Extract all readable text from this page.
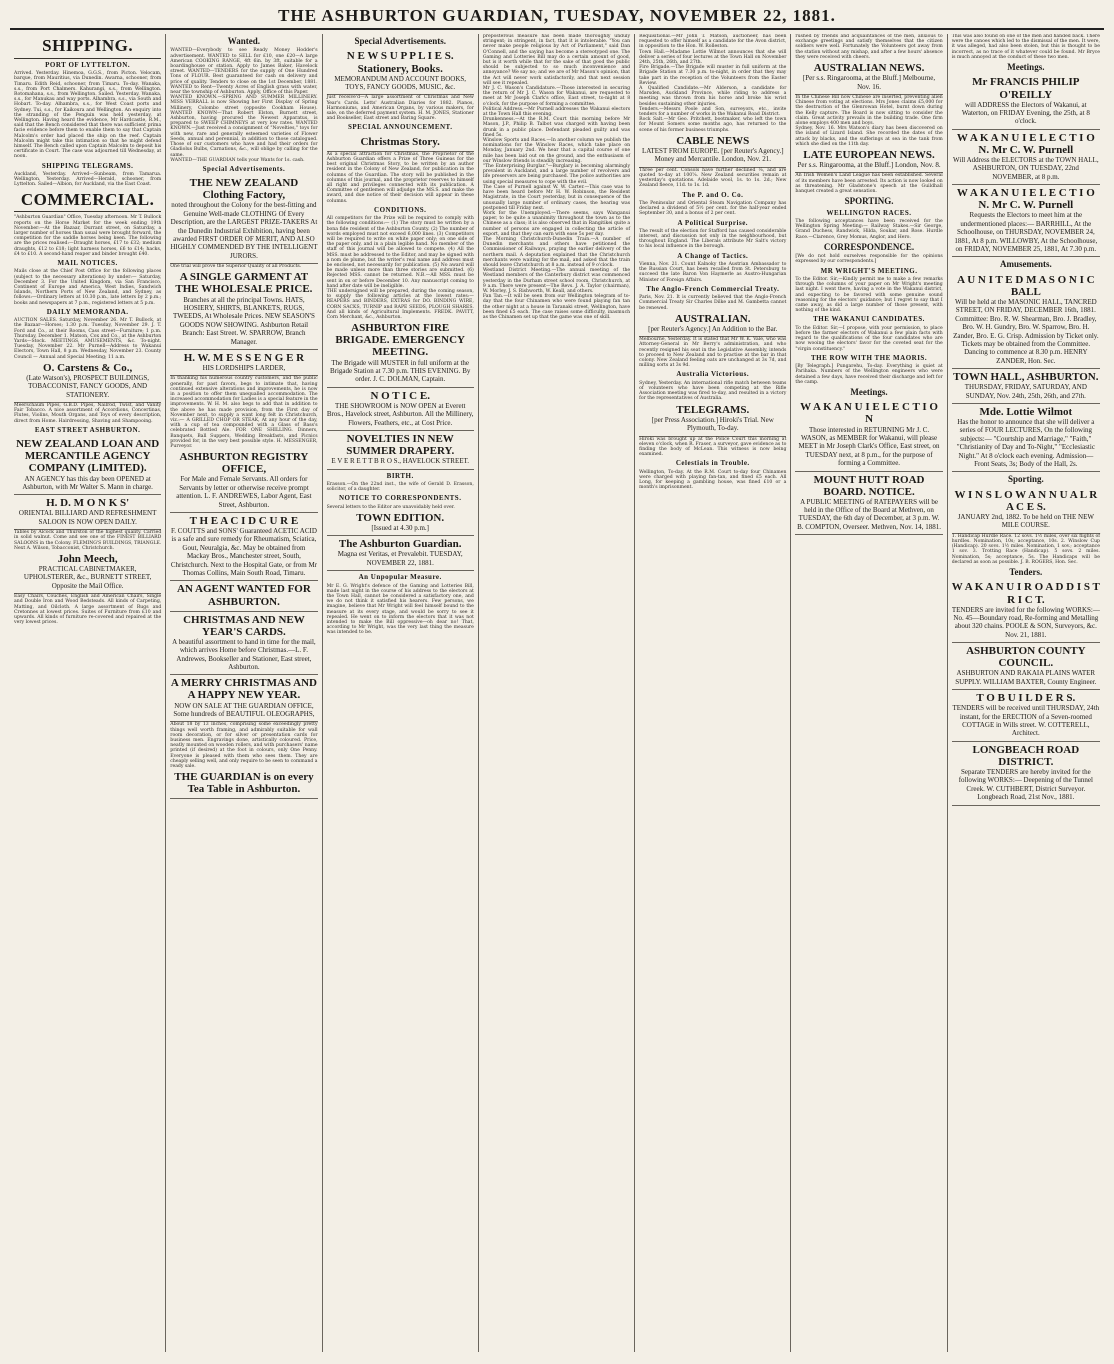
THE ASHBURTON GUARDIAN, TUESDAY, NOVEMBER 22, 1881.
SHIPPING.
PORT OF LYTTELTON.
Arrived. Yesterday. Hinemoa, G.G.S., from Picton. Velocam, barque, from Mauritius, via Dunedin. Awarna, schooner, from Timaru. Edith Reid, schooner, from Timaru. To-day. Wanaka, s.s., from Port Chalmers. Kahurangi, s.s., from Wellington. Rotomahana, s.s., from Wellington. Sailed. Yesterday. Wanaka, s.s., for Manukau and way ports. Alhambra, s.s., via South and Hobart. To-day. Alhambra, s.s., for West Coast ports and Sydney. Tui, s.s., for Kaikoura and Wellington. An enquiry into the stranding of the Penguin was held yesterday, at Wellington. Having heard the evidence, Mr Hardcastle, R.M., said that the Bench considered that there was sufficient prima facie evidence before them to enable them to say that Captain Malcolm's order had placed the ship on the reef. Captain Malcolm might take this intimation so that he might defend himself. The Bench called upon Captain Malcolm to deposit his certificate in Court. The case was adjourned till Wednesday, at noon.
SHIPPING TELEGRAMS.
Auckland, Yesterday. Arrived—Sunbeam, from Tamarua. Wellington, Yesterday. Arrived—Herald, schooner, from Lyttelton. Sailed—Albion, for Auckland, via the East Coast.
COMMERCIAL.
"Ashburton Guardian" Office, Tuesday afternoon. Mr T. Bullock reports on the Horse Market for the week ending 19th November:—At the Bazaar, Durrant street, on Saturday, a larger number of horses than usual were brought forward, the competition for the saddle horses being keen. The following are the prices realised:—Draught horses, £17 to £32; medium draughts, £12 to £18; light harness horses, £6 to £14; hacks, £4 to £10. A second-hand reaper and binder brought £40.
MAIL NOTICES.
Mails close at the Chief Post Office for the following places (subject to the necessary alterations) by under:— Saturday, December 3. For the United Kingdom, via San Francisco, Continent of Europe and America, West Indies, Sandwich Islands, Northern Ports of New Zealand, and Sydney, as follows:—Ordinary letters at 10.30 p.m., late letters by 2 p.m.; books and newspapers at 7 p.m., registered letters at 5 p.m.
DAILY MEMORANDA.
AUCTION SALES. Saturday, November 26. Mr T. Bullock, at the Bazaar—Horses; 1.30 p.m. Tuesday, November 29. J. T. Ford and Co., at their Rooms, Cass street—Furniture; 1 p.m. Thursday, December 1. Matson, Cox and Co., at the Ashburton Yards—Stock. MEETINGS, AMUSEMENTS, &c. To-night. Tuesday, November 22. Mr Purnell—Address to Wakanui Electors, Town Hall, 8 p.m. Wednesday, November 23. County Council — Annual and Special Meeting; 11 a.m.
O. Carstens & Co.,
(Late Watson's), PROSPECT BUILDINGS, TOBACCONIST, FANCY GOODS, AND STATIONERY.
Meerschaum Pipes, G.B.D. Pipes, Nailrod, Twist, and Vanity Fair Tobacco. A nice assortment of Accordions, Concertinas, Flutes, Violins, Mouth Organs, and Toys of every description, direct from Home. Hairdressing, Shaving and Shampooing.
EAST STREET ASHBURTON.
NEW ZEALAND LOAN AND MERCANTILE AGENCY COMPANY (LIMITED).
AN AGENCY has this day been OPENED at Ashburton, with Mr Walter S. Mann in charge.
H. D. M O N K S'
ORIENTAL BILLIARD AND REFRESHMENT SALOON IS NOW OPEN DAILY.
Tables by Alcock and Thurston of the highest quality. Carried in solid walnut. Come and see one of the FINEST BILLIARD SALOONS in the Colony. FLEMING'S BUILDINGS, TRIANGLE. Next A. Wilson, Tobacconist, Christchurch.
John Meech,
PRACTICAL CABINETMAKER, UPHOLSTERER, &c., BURNETT STREET, Opposite the Mail Office.
Easy Chairs, Couches, English and American Chairs, Single and Double Iron and Wood Bedsteads. All kinds of Carpeting, Matting, and Oilcloth. A large assortment of Rugs and Cretonnes at lowest prices. Suites of Furniture from £10 and upwards. All kinds of furniture re-covered and repaired at the very lowest prices.
Wanted.
WANTED—Everybody to see Ready Money Hodder's advertisement. WANTED to SELL for £10, one £20—A large American COOKING RANGE, 4ft 6in. by 3ft, suitable for a boardinghouse or station. Apply to James Baker, Havelock street. WANTED—TENDERS for the supply of One Hundred Tons of FLOUR. Best guaranteed for cash on delivery and price of quality. Tenders to close on the 1st December, 1881. WANTED to Rent—Twenty Acres of English grass with water, near the township of Ashburton. Apply, Office of this Paper.
WANTED KNOWN.—SPRING AND SUMMER MILLINERY. MISS VERRALL is now Showing her First Display of Spring Millinery, Colombo street (opposite Cookham House). WANTED KNOWN—That Robert Elston, Burnett street, Ashburton, having procured the Newest Apparatus, is prepared to SWEEP CHIMNEYS at very low rates. WANTED KNOWN.—Just received a consignment of "Novelties," toys for with new, rare and generally esteemed varieties of Flower Seeds, annual and perennial, in addition to those catalogued. Those of our customers who have and had their orders for Gladiolus Bulbs, Carnations, &c., will oblige by calling for the same.
WANTED—THE GUARDIAN tells your Wants for 1s. cash.
Special Advertisements.
THE NEW ZEALAND Clothing Factory,
noted throughout the Colony for the best-fitting and Genuine Well-made CLOTHING Of Every Description, are the LARGEST PRIZE-TAKERS At the Dunedin Industrial Exhibition, having been awarded FIRST ORDER OF MERIT, AND ALSO HIGHLY COMMENDED BY THE INTELLIGENT JURORS.
One trial will prove the Superior Quality of all Products.
A SINGLE GARMENT AT THE WHOLESALE PRICE.
Branches at all the principal Towns. HATS, HOSIERY, SHIRTS, BLANKETS, RUGS, TWEEDS, At Wholesale Prices. NEW SEASON'S GOODS NOW SHOWING. Ashburton Retail Branch: East Street. W. SPARROW, Branch Manager.
H. W. M E S S E N G E R
HIS LORDSHIPS LARDER,
In thanking his numerous country customers, and the public generally, for past favors, begs to intimate that, having continued extensive alterations and improvements, he is now in a position to offer them unequalled accommodation. The increased accommodation for Ladies is a special feature in the improvements. W. H. M. also begs to add that in addition to the above he has made provision, from the First day of November next, to supply a want long felt in Christchurch, viz.:— A GRILLED CHOP OR STEAK, At any hour of the day, with a cup of tea compounded with a Glass of Bass's celebrated Bottled Ale. FOR ONE SHILLING. Dinners, Banquets, Ball Suppers, Wedding Breakfasts, and Picnics provided for, in the very best possible style. H. MESSENGER, Purveyor.
ASHBURTON REGISTRY OFFICE,
For Male and Female Servants. All orders for Servants by letter or otherwise receive prompt attention. L. F. ANDREWES, Labor Agent, East Street, Ashburton.
T H E A C I D C U R E
F. COUTTS and SONS' Guaranteed ACETIC ACID is a safe and sure remedy for Rheumatism, Sciatica, Gout, Neuralgia, &c. May be obtained from Mackay Bros., Manchester street, South, Christchurch. Next to the Hospital Gate, or from Mr Thomas Collins, Main South Road, Timaru.
AN AGENT WANTED FOR ASHBURTON.
CHRISTMAS AND NEW YEAR'S CARDS.
A beautiful assortment to hand in time for the mail, which arrives Home before Christmas.—L. F. Andrewes, Bookseller and Stationer, East street, Ashburton.
A MERRY CHRISTMAS AND A HAPPY NEW YEAR.
NOW ON SALE AT THE GUARDIAN OFFICE, Some hundreds of BEAUTIFUL OLEOGRAPHS,
About 18 by 13 inches, comprising some exceedingly pretty things well worth framing, and admirably suitable for wall room decoration, or for silver or presentation cards for business men. Engravings done, artistically coloured. Price, neatly mounted on wooden rollers, and with purchasers' name printed (if desired) at the foot in colours, only One Penny. Everyone is pleased with them who sees them. They are cheaply selling well, and only require to be seen to command a ready sale.
THE GUARDIAN is on every Tea Table in Ashburton.
Special Advertisements.
N E W S U P P L I E S. Stationery, Books.
MEMORANDUM AND ACCOUNT BOOKS, TOYS, FANCY GOODS, MUSIC, &c.
Just receive'd—A large assortment of Christmas and New Year's Cards. Letts' Australian Diaries for 1882. Pianos, Harmoniums, and American Organs, by various makers, for sale, on the deferred payment system. H. M. JONES, Stationer and Bookseller, East street and Baring Square.
SPECIAL ANNOUNCEMENT.
Christmas Story.
As a special attraction for Christmas, the Proprietor of the Ashburton Guardian offers a Prize of Three Guineas for the best original Christmas Story, to be written by an author resident in the Colony of New Zealand, for publication in the columns of the Guardian. The story will be published in the columns of this journal, and the proprietor reserves to himself all right and privileges connected with its publication. A Committee of gentlemen will adjudge the MS.S. and make the award, and due notice of their decision will appear in these columns.
CONDITIONS.
All competitors for the Prize will be required to comply with the following conditions:— (1) The story must be written by a bona fide resident of the Ashburton County. (2) The number of words employed must not exceed 6,000 lines. (3) Competitors will be required to write on white paper only; on one side of the paper only, and in a plain legible hand. No member of the staff of this journal will be allowed to compete. (4) All the MSS. must be addressed to the Editor, and may be signed with a nom de plume, but the writer's real name and address must be enclosed, not necessarily for publication. (5) No award will be made unless more than three stories are submitted. (6) Rejected MSS. cannot be returned. N.B.—All MSS. must be sent in on or before December 10. Any manuscript coming to hand after date will be ineligible.
THE undersigned will be prepared, during the coming season, to supply the following articles at the lowest rates:— REAPERS and BINDERS, EXTRAS for DO. BINDING WIRE, CORN SACKS, TURNIP and RAPE SEEDS, PLOUGH SHARES. And all kinds of Agricultural Implements. FREDK. PAVITT, Corn Merchant, &c., Ashburton.
ASHBURTON FIRE BRIGADE. EMERGENCY MEETING.
The Brigade will MUSTER in full uniform at the Brigade Station at 7.30 p.m. THIS EVENING. By order. J. C. DOLMAN, Captain.
N O T I C E.
THE SHOWROOM is NOW OPEN at Everett Bros., Havelock street, Ashburton. All the Millinery, Flowers, Feathers, etc., at Cost Price.
NOVELTIES IN NEW SUMMER DRAPERY.
E V E R E T T B R O S., HAVELOCK STREET.
BIRTH.
Erasson.—On the 22nd inst., the wife of Gerald D. Erasson, solicitor, of a daughter.
NOTICE TO CORRESPONDENTS.
Several letters to the Editor are unavoidably held over.
TOWN EDITION.
[Issued at 4.30 p.m.]
The Ashburton Guardian.
Magna est Veritas, et Prevalebit. TUESDAY, NOVEMBER 22, 1881.
An Unpopular Measure.
Mr E. G. Wright's defence of the Gaming and Lotteries Bill, made last night in the course of his address to the electors at the Town Hall, cannot be considered a satisfactory one, and we do not think it satisfied his hearers. Few persons, we imagine, believe that Mr Wright will feel himself bound to the measure at its every stage, and would be sorry to see it repealed. He went on to inform the electors that it was not intended to make the Bill oppressive—oh dear no! That, according to Mr Wright, was the very last thing the measure was intended to be.
preposterous measure has been made thoroughly unduly stringent; in stringent, in fact, that it is intolerable. "You can never make people religious by Act of Parliament," said Dan O'Connell, and the saying has become a stereotyped one. The Gaming and Lotteries Bill may do a certain amount of good, but is it worth while that for the sake of that good the public should be subjected to so much inconvenience and annoyance? We say no; and we are of Mr Mason's opinion, that the Act will never work satisfactorily, and that next session will see it repealed.
Mr J. C. Wason's Candidature.—Those interested in securing the return of Mr J. C. Wason for Wakanui, are requested to meet at Mr Joseph Clark's office, East street, to-night at 8 o'clock, for the purpose of forming a committee.
Political Address.—Mr Purnell addresses the Wakanui electors at the Town Hall this evening.
Drunkenness.—At the R.M. Court this morning before Mr Mason, J.P., Philip B. Talbot was charged with having been drunk in a public place. Defendant pleaded guilty and was fined 5s.
Winslow Sports and Races.—In another column we publish the nominations for the Winslow Races, which take place on Monday, January 2nd. We hear that a capital course of one mile has been laid out on the ground, and the enthusiasm of our Winslow friends is steadily increasing.
"The Enterprising Burglar."—Burglary is becoming alarmingly prevalent in Auckland, and a large number of revolvers and life preservers are being purchased. The police authorities are using special measures to cope with the evil.
The Case of Purnell against W. W. Carter.—This case was to have been heard before Mr H. W. Robinson, the Resident Magistrate, in the Court yesterday, but in consequence of the unusually large number of ordinary cases, the hearing was postponed till Friday next.
Work for the Unemployed.—There seems, says Wanganui paper, to be quite a unanimity throughout the town as to the Chinese as a class; it is also observed that in Rangitikei quite a number of persons are engaged in collecting the article of export, and that they can earn with ease 5s per day.
The Morning Christchurch-Dunedin Train.—A number of Dunedin merchants and others have petitioned the Commissioner of Railways, praying the earlier delivery of the northern mail. A deputation explained that the Christchurch merchants were waiting for the mail, and asked that the train should leave Christchurch at 8 a.m. instead of 9 o'clock.
Westland District Meeting.—The annual meeting of the Westland members of the Canterbury district was commenced yesterday in the Durham street school room, Christchurch, at 9 a.m. There were present—The Revs. J. A. Taylor (chairman), W. Morley, J. S. Rishworth, W. Keall, and others.
Fan Tan.—It will be seen from our Wellington telegram of to-day that the four Chinamen who were found playing fan tan the other night at a house in Taranaki street, Wellington, have been fined £5 each. The case raises some difficulty, inasmuch as the Chinamen set up that the game was one of skill.
Requisitional.—Mr John T. Matson, auctioneer, has been requested to offer himself as a candidate for the Avon district, in opposition to the Hon. W. Rolleston.
Town Hall.—Madame Lottie Wilmot announces that she will deliver a series of four lectures at the Town Hall on November 24th, 25th, 26th, and 27th.
Fire Brigade.—The Brigade will muster in full uniform at the Brigade Station at 7.30 p.m. to-night, in order that they may take part in the reception of the Volunteers from the Easter Review.
A Qualified Candidate.—Mr Alderson, a candidate for Marsden, Auckland Province, while riding to address a meeting was thrown from his horse and broke his wrist besides sustaining other injuries.
Tenders.—Messrs Poole and Son, surveyors, etc., invite tenders for a number of works in the Wakanui Road District.
Rock Salt.—Mr Geo. Pritchett, bootmaker, who left the town for Mount Somers some months ago, has returned to the scene of his former business triumphs.
CABLE NEWS
LATEST FROM EUROPE. [per Reuter's Agency.] Money and Mercantile. London, Nov. 21.
Three per cent. Consols have further declined ⅛, and are quoted to-day at 100⅝. New Zealand securities remain at yesterday's quotations. Adelaide wool, 1s. to 1s. 2d.; New Zealand fleece, 11d. to 1s. 1d.
The P. and O. Co.
The Peninsular and Oriental Steam Navigation Company has declared a dividend of 5½ per cent. for the half-year ended September 30, and a bonus of 2 per cent.
A Political Surprise.
The result of the election for Stafford has caused considerable interest, and discussion not only in the neighbourhood, but throughout England. The Liberals attribute Mr Salt's victory to his local influence in the borough.
A Change of Tactics.
Vienna, Nov. 21. Count Kalnoky the Austrian Ambassador to the Russian Court, has been recalled from St. Petersburg to succeed the late Baron Von Haymerle as Austro-Hungarian Minister of Foreign Affairs.
The Anglo-French Commercial Treaty.
Paris, Nov. 21. It is currently believed that the Anglo-French Commercial Treaty Sir Charles Dilke and M. Gambetta cannot be renewed.
AUSTRALIAN.
[per Reuter's Agency.] An Addition to the Bar.
Melbourne, Yesterday. It is stated that Mr W. K. Vale, who was Attorney-General in Mr Berry's administration, and who recently resigned his seat in the Legislative Assembly, intends to proceed to New Zealand and to practise at the bar in that colony. New Zealand feeling oats are unchanged at 3s 7d, and milling sorts at 3s 9d.
Australia Victorious.
Sydney, Yesterday. An international rifle match between teams of volunteers who have been competing at the Rifle Association meeting was fired to-day, and resulted in a victory for the representatives of Australia.
TELEGRAMS.
[per Press Association.] Hiroki's Trial. New Plymouth, To-day.
Hiroki was brought up at the Police Court this morning at eleven o'clock, when R. Fraser, a surveyor, gave evidence as to finding the body of McLean. This witness is now being examined.
Celestials in Trouble.
Wellington, To-day. At the R.M. Court to-day four Chinamen were charged with playing fan-tan, and fined £5 each. All Long, for keeping a gambling house, was fined £10 or a month's imprisonment.
rushed by friends and acquaintances of the men, anxious to exchange greetings and satisfy themselves that the citizen soldiers were well. Fortunately the Volunteers got away from the station without any mishap, and after a few hours' absence they were received with cheers.
AUSTRALIAN NEWS.
[Per s.s. Ringarooma, at the Bluff.] Melbourne, Nov. 16.
In the Chinese Bill now Chinese are inserted, preventing alien Chinese from voting at elections. Mrs Jones claims £5,000 for the destruction of the Glenrowan Hotel, burnt down during the Kelly capture. The Board is now sitting to consider the claim. Great activity prevails in the building trade. One firm alone employs 400 men and boys.
Sydney, Nov. 16. Mrs Watson's diary has been discovered on the island of Lizard Island. She recorded the dates of the attack by blacks, and the sufferings at sea in the tank from which she died on the 11th day.
LATE EUROPEAN NEWS.
Per s.s. Ringarooma, at the Bluff.] London, Nov. 8.
An Irish Women's Land League has been established. Several of its members have been arrested. Its action is now looked on as threatening. Mr Gladstone's speech at the Guildhall banquet created a great sensation.
SPORTING.
WELLINGTON RACES.
The following acceptances have been received for the Wellington Spring Meeting:— Railway Stakes.—Sir George, Grand Duchess, Randwick, Hilda, Soukar, and Rose. Hurdle Race.—Clarence, Grey Momus, Anglor, and Hero.
CORRESPONDENCE.
[We do not hold ourselves responsible for the opinions expressed by our correspondents.]
MR WRIGHT'S MEETING.
To the Editor. Sir,—Kindly permit me to make a few remarks through the columns of your paper on Mr Wright's meeting last night. I went there, having a vote in the Wakanui district, and expecting to be favored with some genuine sound reasoning for the electors' guidance; but I regret to say that I came away, as did a large number of those present, with nothing of the kind.
THE WAKANUI CANDIDATES.
To the Editor. Sir,—I propose, with your permission, to place before the farmer electors of Wakanui a few plain facts with regard to the qualifications of the four candidates who are now wooing the electors' favor for the coveted seat for the "virgin constituency."
THE ROW WITH THE MAORIS.
[By Telegraph.] Pungarehu, To-day. Everything is quiet at Parihaka. Numbers of the Wellington engineers who were detained a few days, have received their discharge and left for the camp.
Meetings.
W A K A N U I E L E C T I O N
Those interested in RETURNING Mr J. C. WASON, as MEMBER for Wakanui, will please MEET in Mr Joseph Clark's Office, East street, on TUESDAY next, at 8 p.m., for the purpose of forming a Committee.
MOUNT HUTT ROAD BOARD. NOTICE.
A PUBLIC MEETING of RATEPAYERS will be held in the Office of the Board at Methven, on TUESDAY, the 6th day of December, at 3 p.m. W. B. COMPTON, Overseer. Methven, Nov. 14, 1881.
This was also found on one of the men and handed back. There were the canoes which led to the dismissal of the men. It were, it was alleged, had also been stolen, but this is thought to be incorrect, as no trace of it whatever could be found. Mr Bryce is much annoyed at the conduct of these two men.
Meetings.
Mr FRANCIS PHILIP O'REILLY
will ADDRESS the Electors of Wakanui, at Waterton, on FRIDAY Evening, the 25th, at 8 o'clock.
W A K A N U I E L E C T I O N. Mr C. W. Purnell
Will Address the ELECTORS at the TOWN HALL, ASHBURTON, ON TUESDAY, 22nd NOVEMBER, at 8 p.m.
W A K A N U I E L E C T I O N. Mr C. W. Purnell
Requests the Electors to meet him at the undermentioned places:— BARRHILL, At the Schoolhouse, on THURSDAY, NOVEMBER 24, 1881, At 8 p.m. WILLOWBY, At the Schoolhouse, on FRIDAY, NOVEMBER 25, 1881, At 7.30 p.m.
Amusements.
A U N I T E D M A S O N I C BALL
Will be held at the MASONIC HALL, TANCRED STREET, ON FRIDAY, DECEMBER 16th, 1881. Committee: Bro. R. W. Shearman, Bro. J. Bradley, Bro. W. H. Gundry, Bro. W. Sparrow, Bro. H. Zander, Bro. E. G. Crisp. Admission by Ticket only. Tickets may be obtained from the Committee. Dancing to commence at 8.30 p.m. HENRY ZANDER, Hon. Sec.
TOWN HALL, ASHBURTON.
THURSDAY, FRIDAY, SATURDAY, AND SUNDAY, Nov. 24th, 25th, 26th, and 27th.
Mde. Lottie Wilmot
Has the honor to announce that she will deliver a series of FOUR LECTURES, On the following subjects:— "Courtship and Marriage," "Faith," "Christianity of Day and To-Night," "Ecclesiastic Night." At 8 o'clock each evening. Admission—Front Seats, 3s; Body of the Hall, 2s.
Sporting.
W I N S L O W A N N U A L R A C E S.
JANUARY 2nd, 1882. To be held on THE NEW MILE COURSE.
1. Handicap Hurdle Race. 12 sovs. 1½ miles, over six flights of hurdles. Nomination, 10s; acceptance, 10s. 2. Winslow Cup (Handicap). 20 sovs. 1½ miles. Nomination, 1 sov.; acceptance 1 sov. 3. Trotting Race (Handicap). 5 sovs. 2 miles. Nomination, 5s; acceptance, 5s. The Handicaps will be declared as soon as possible. J. B. ROGERS, Hon. Sec.
Tenders.
W A K A N U I R O A D D I S T R I C T.
TENDERS are invited for the following WORKS:— No. 45—Boundary road, Re-forming and Metalling about 320 chains. POOLE & SON, Surveyors, &c. Nov. 21, 1881.
ASHBURTON COUNTY COUNCIL.
ASHBURTON AND RAKAIA PLAINS WATER SUPPLY. WILLIAM BAXTER, County Engineer.
T O B U I L D E R S.
TENDERS will be received until THURSDAY, 24th instant, for the ERECTION of a Seven-roomed COTTAGE in Wills street. W. COTTERELL, Architect.
LONGBEACH ROAD DISTRICT.
Separate TENDERS are hereby invited for the following WORKS:— Deepening of the Tunnel Creek. W. CUTHBERT, District Surveyor. Longbeach Road, 21st Nov., 1881.
